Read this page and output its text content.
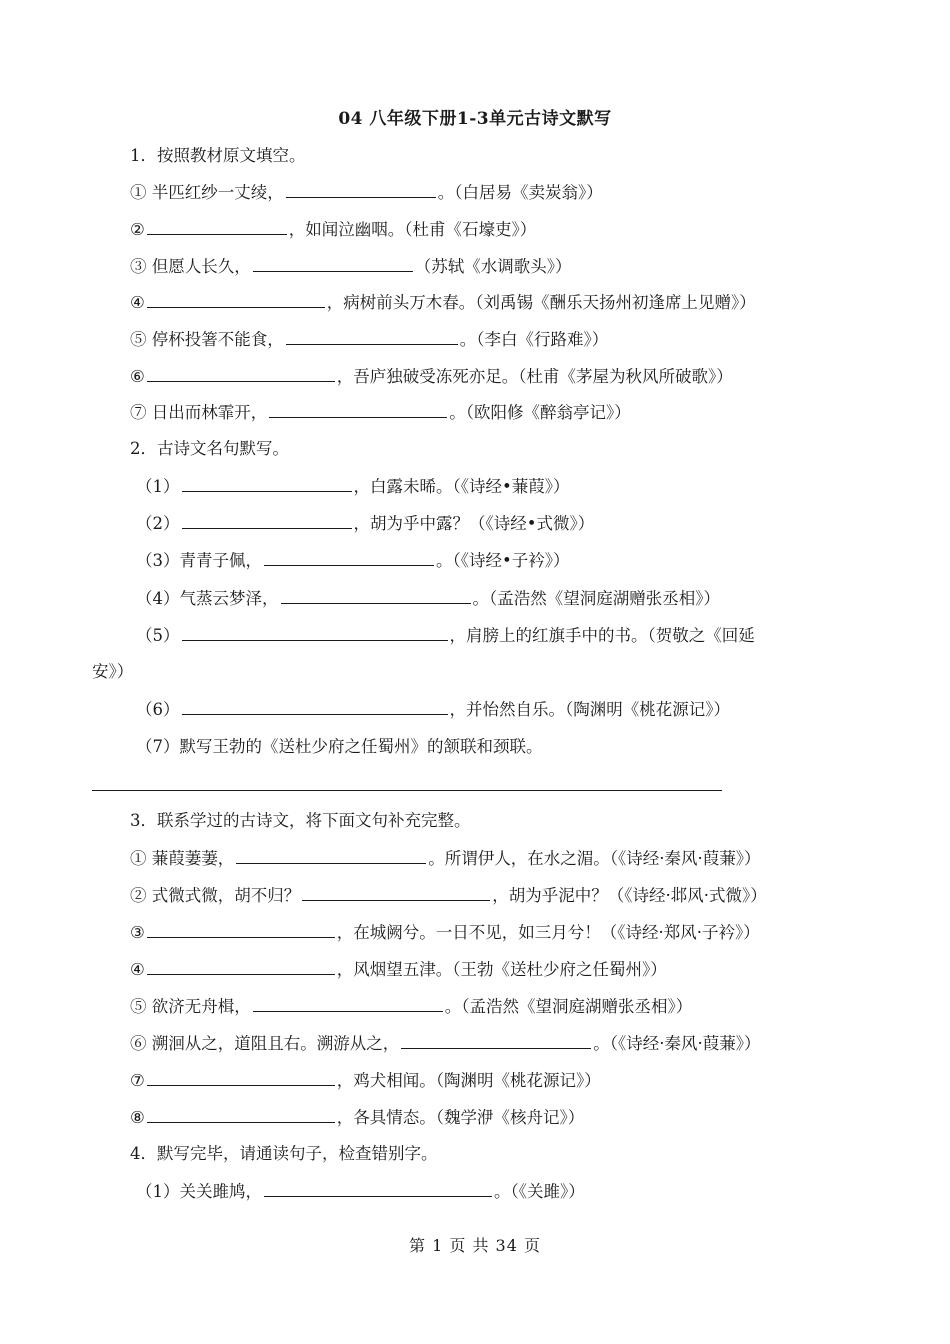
04 八年级下册1-3单元古诗文默写
1．按照教材原文填空。
① 半匹红纱一丈绫，	。（白居易《卖炭翁》）
②	，如闻泣幽咽。（杜甫《石壕吏》）
③ 但愿人长久，	（苏轼《水调歌头》）
④	，病树前头万木春。（刘禹锡《酬乐天扬州初逢席上见赠》）
⑤ 停杯投箸不能食，	。（李白《行路难》）
⑥	，吾庐独破受冻死亦足。（杜甫《茅屋为秋风所破歌》）
⑦ 日出而林霏开，	。（欧阳修《醉翁亭记》）
2．古诗文名句默写。
（1）	，白露未晞。（《诗经•蒹葭》）
（2）	，胡为乎中露？（《诗经•式微》）
（3）青青子佩，	。（《诗经•子衿》）
（4）气蒸云梦泽，	。（孟浩然《望洞庭湖赠张丞相》）
（5）	，肩膀上的红旗手中的书。（贺敬之《回延
安》）
（6）	，并怡然自乐。（陶渊明《桃花源记》）
（7）默写王勃的《送杜少府之任蜀州》的颔联和颈联。
3．联系学过的古诗文，将下面文句补充完整。
① 蒹葭萋萋，	。所谓伊人，在水之湄。（《诗经·秦风·葭蒹》）
② 式微式微，胡不归？	，胡为乎泥中？（《诗经·邶风·式微》）
③	，在城阙兮。一日不见，如三月兮！（《诗经·郑风·子衿》）
④	，风烟望五津。（王勃《送杜少府之任蜀州》）
⑤ 欲济无舟楫，	。（孟浩然《望洞庭湖赠张丞相》）
⑥ 溯洄从之，道阻且右。溯游从之，	。（《诗经·秦风·葭蒹》）
⑦	，鸡犬相闻。（陶渊明《桃花源记》）
⑧	，各具情态。（魏学洢《核舟记》）
4．默写完毕，请通读句子，检查错别字。
（1）关关雎鸠，	。（《关雎》）
第 1 页 共 34 页
